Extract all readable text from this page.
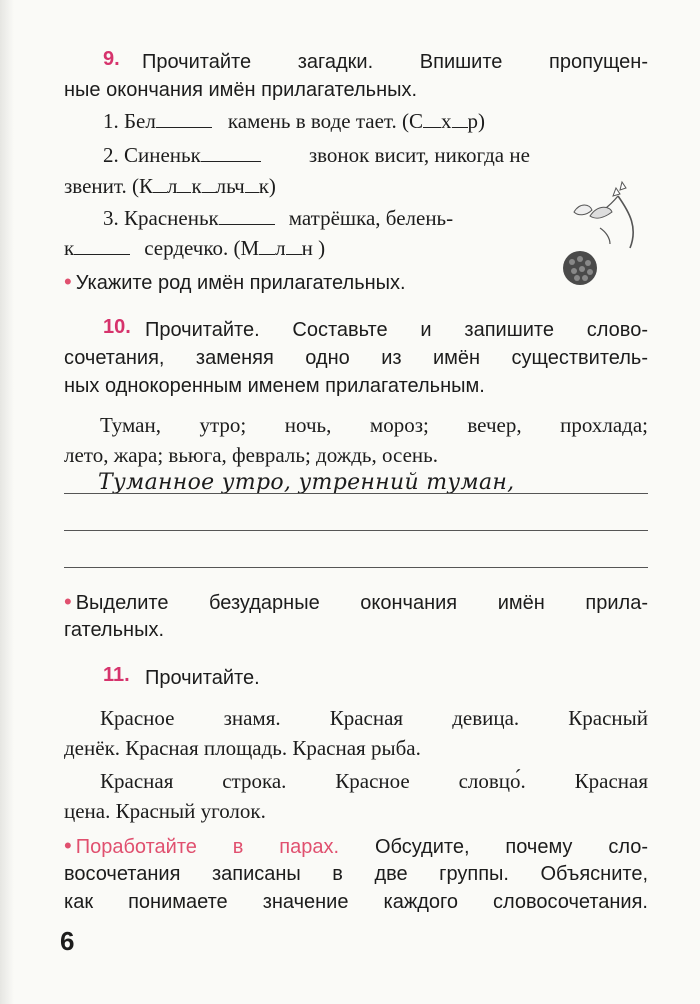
9. Прочитайте загадки. Впишите пропущен-
ные окончания имён прилагательных.
1. Бел	камень в воде тает. (С х р)
2. Синеньк	звонок висит, никогда не
звенит. (К л к льч к)
3. Красненьк	матрёшка, белень-
к	сердечко. (М л н )
• Укажите род имён прилагательных.
10. Прочитайте. Составьте и запишите слово-
сочетания, заменяя одно из имён существитель-
ных однокоренным именем прилагательным.
Туман, утро; ночь, мороз; вечер, прохлада;
лето, жара; вьюга, февраль; дождь, осень.
Туманное утро, утренний туман,
• Выделите безударные окончания имён прила-
гательных.
11. Прочитайте.
Красное знамя. Красная девица. Красный
денёк. Красная площадь. Красная рыба.
Красная строка. Красное словцо́. Красная
цена. Красный уголок.
• Поработайте в парах. Обсудите, почему сло-
восочетания записаны в две группы. Объясните,
как понимаете значение каждого словосочетания.
6
